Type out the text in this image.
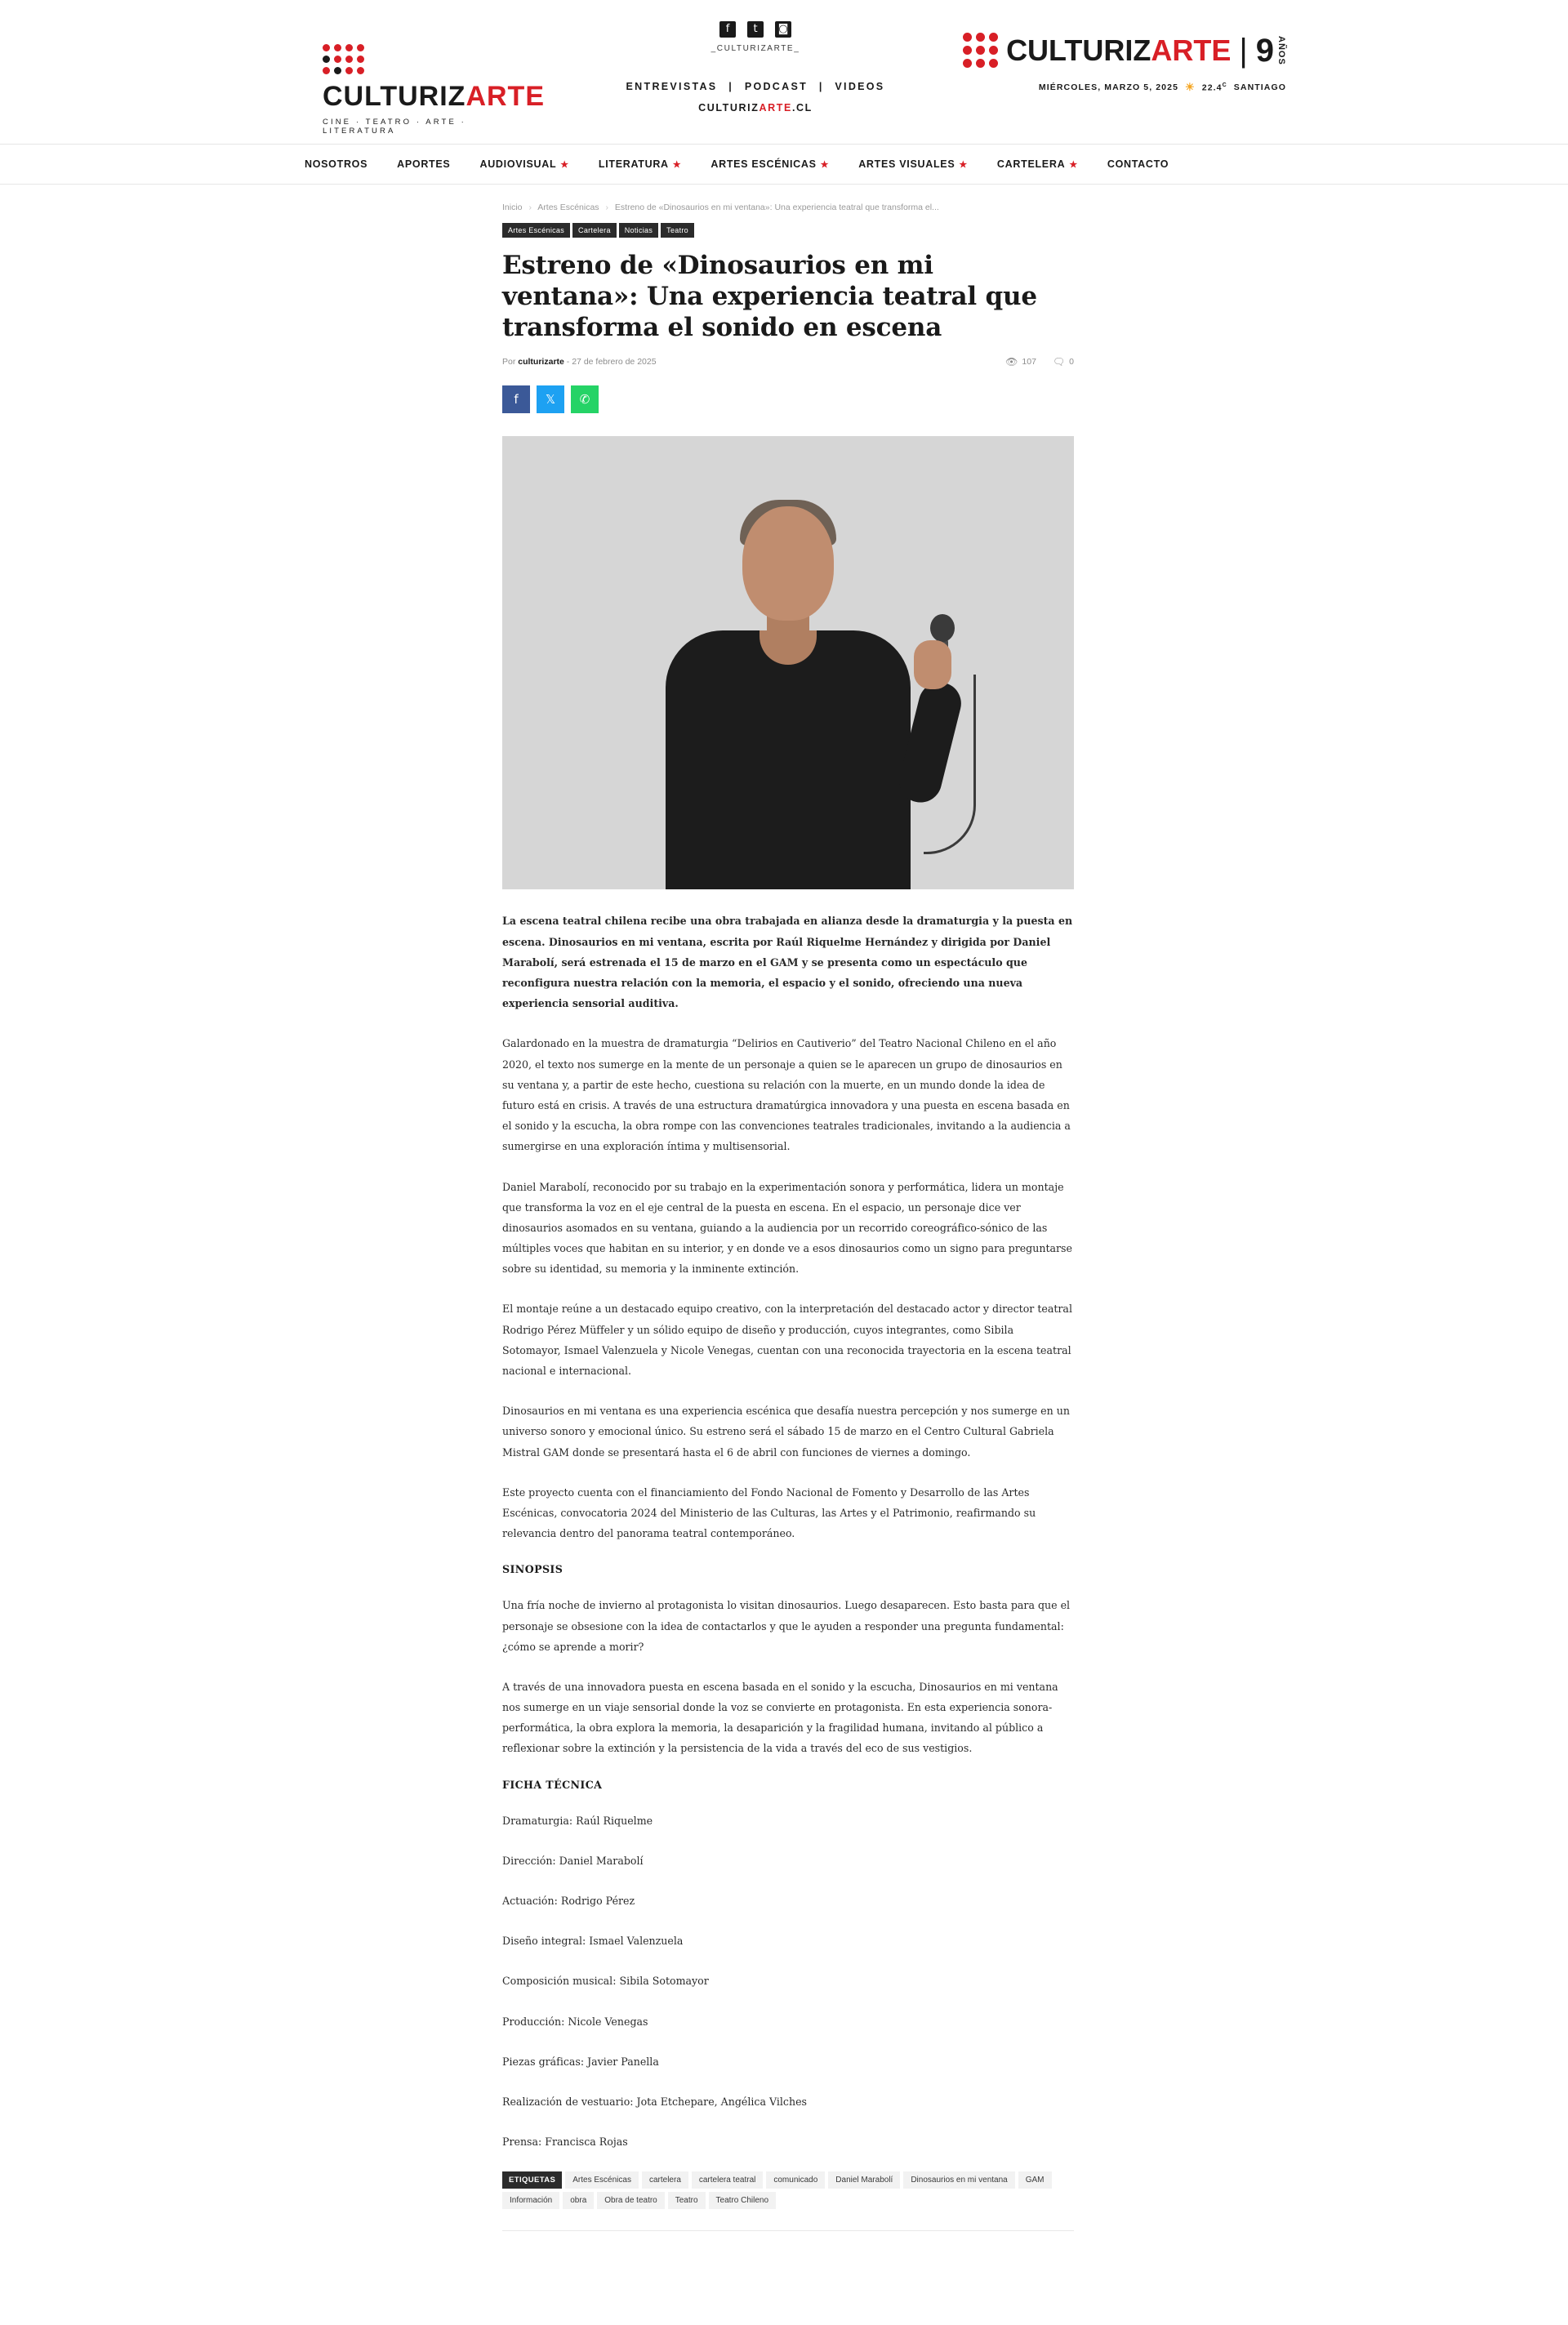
CULTURIZARTE
CINE · TEATRO · ARTE · LITERATURA
f	t	◙
_CULTURIZARTE_
ENTREVISTAS | PODCAST | VIDEOS
CULTURIZARTE.CL
CULTURIZARTE | 9 AÑOS
MIÉRCOLES, MARZO 5, 2025 ☀ $22.4^C$ SANTIAGO
NOSOTROS	APORTES	AUDIOVISUAL ★	LITERATURA ★	ARTES ESCÉNICAS ★	ARTES VISUALES ★	CARTELERA ★	CONTACTO
Inicio › Artes Escénicas › Estreno de «Dinosaurios en mi ventana»: Una experiencia teatral que transforma el...
Artes Escénicas	Cartelera	Noticias	Teatro
Estreno de «Dinosaurios en mi ventana»: Una experiencia teatral que transforma el sonido en escena
Por culturizarte - 27 de febrero de 2025	👁 107 🗨 0
f	𝕏	✆

La escena teatral chilena recibe una obra trabajada en alianza desde la dramaturgia y la puesta en escena. Dinosaurios en mi ventana, escrita por Raúl Riquelme Hernández y dirigida por Daniel Marabolí, será estrenada el 15 de marzo en el GAM y se presenta como un espectáculo que reconfigura nuestra relación con la memoria, el espacio y el sonido, ofreciendo una nueva experiencia sensorial auditiva.

Galardonado en la muestra de dramaturgia “Delirios en Cautiverio” del Teatro Nacional Chileno en el año 2020, el texto nos sumerge en la mente de un personaje a quien se le aparecen un grupo de dinosaurios en su ventana y, a partir de este hecho, cuestiona su relación con la muerte, en un mundo donde la idea de futuro está en crisis. A través de una estructura dramatúrgica innovadora y una puesta en escena basada en el sonido y la escucha, la obra rompe con las convenciones teatrales tradicionales, invitando a la audiencia a sumergirse en una exploración íntima y multisensorial.

Daniel Marabolí, reconocido por su trabajo en la experimentación sonora y performática, lidera un montaje que transforma la voz en el eje central de la puesta en escena. En el espacio, un personaje dice ver dinosaurios asomados en su ventana, guiando a la audiencia por un recorrido coreográfico-sónico de las múltiples voces que habitan en su interior, y en donde ve a esos dinosaurios como un signo para preguntarse sobre su identidad, su memoria y la inminente extinción.

El montaje reúne a un destacado equipo creativo, con la interpretación del destacado actor y director teatral Rodrigo Pérez Müffeler y un sólido equipo de diseño y producción, cuyos integrantes, como Sibila Sotomayor, Ismael Valenzuela y Nicole Venegas, cuentan con una reconocida trayectoria en la escena teatral nacional e internacional.

Dinosaurios en mi ventana es una experiencia escénica que desafía nuestra percepción y nos sumerge en un universo sonoro y emocional único. Su estreno será el sábado 15 de marzo en el Centro Cultural Gabriela Mistral GAM donde se presentará hasta el 6 de abril con funciones de viernes a domingo.

Este proyecto cuenta con el financiamiento del Fondo Nacional de Fomento y Desarrollo de las Artes Escénicas, convocatoria 2024 del Ministerio de las Culturas, las Artes y el Patrimonio, reafirmando su relevancia dentro del panorama teatral contemporáneo.

SINOPSIS

Una fría noche de invierno al protagonista lo visitan dinosaurios. Luego desaparecen. Esto basta para que el personaje se obsesione con la idea de contactarlos y que le ayuden a responder una pregunta fundamental: ¿cómo se aprende a morir?

A través de una innovadora puesta en escena basada en el sonido y la escucha, Dinosaurios en mi ventana nos sumerge en un viaje sensorial donde la voz se convierte en protagonista. En esta experiencia sonora-performática, la obra explora la memoria, la desaparición y la fragilidad humana, invitando al público a reflexionar sobre la extinción y la persistencia de la vida a través del eco de sus vestigios.

FICHA TÉCNICA

Dramaturgia: Raúl Riquelme

Dirección: Daniel Marabolí

Actuación: Rodrigo Pérez

Diseño integral: Ismael Valenzuela

Composición musical: Sibila Sotomayor

Producción: Nicole Venegas

Piezas gráficas: Javier Panella

Realización de vestuario: Jota Etchepare, Angélica Vilches

Prensa: Francisca Rojas

ETIQUETAS	Artes Escénicas	cartelera	cartelera teatral	comunicado	Daniel Marabolí	Dinosaurios en mi ventana	GAM
Información	obra	Obra de teatro	Teatro	Teatro Chileno
